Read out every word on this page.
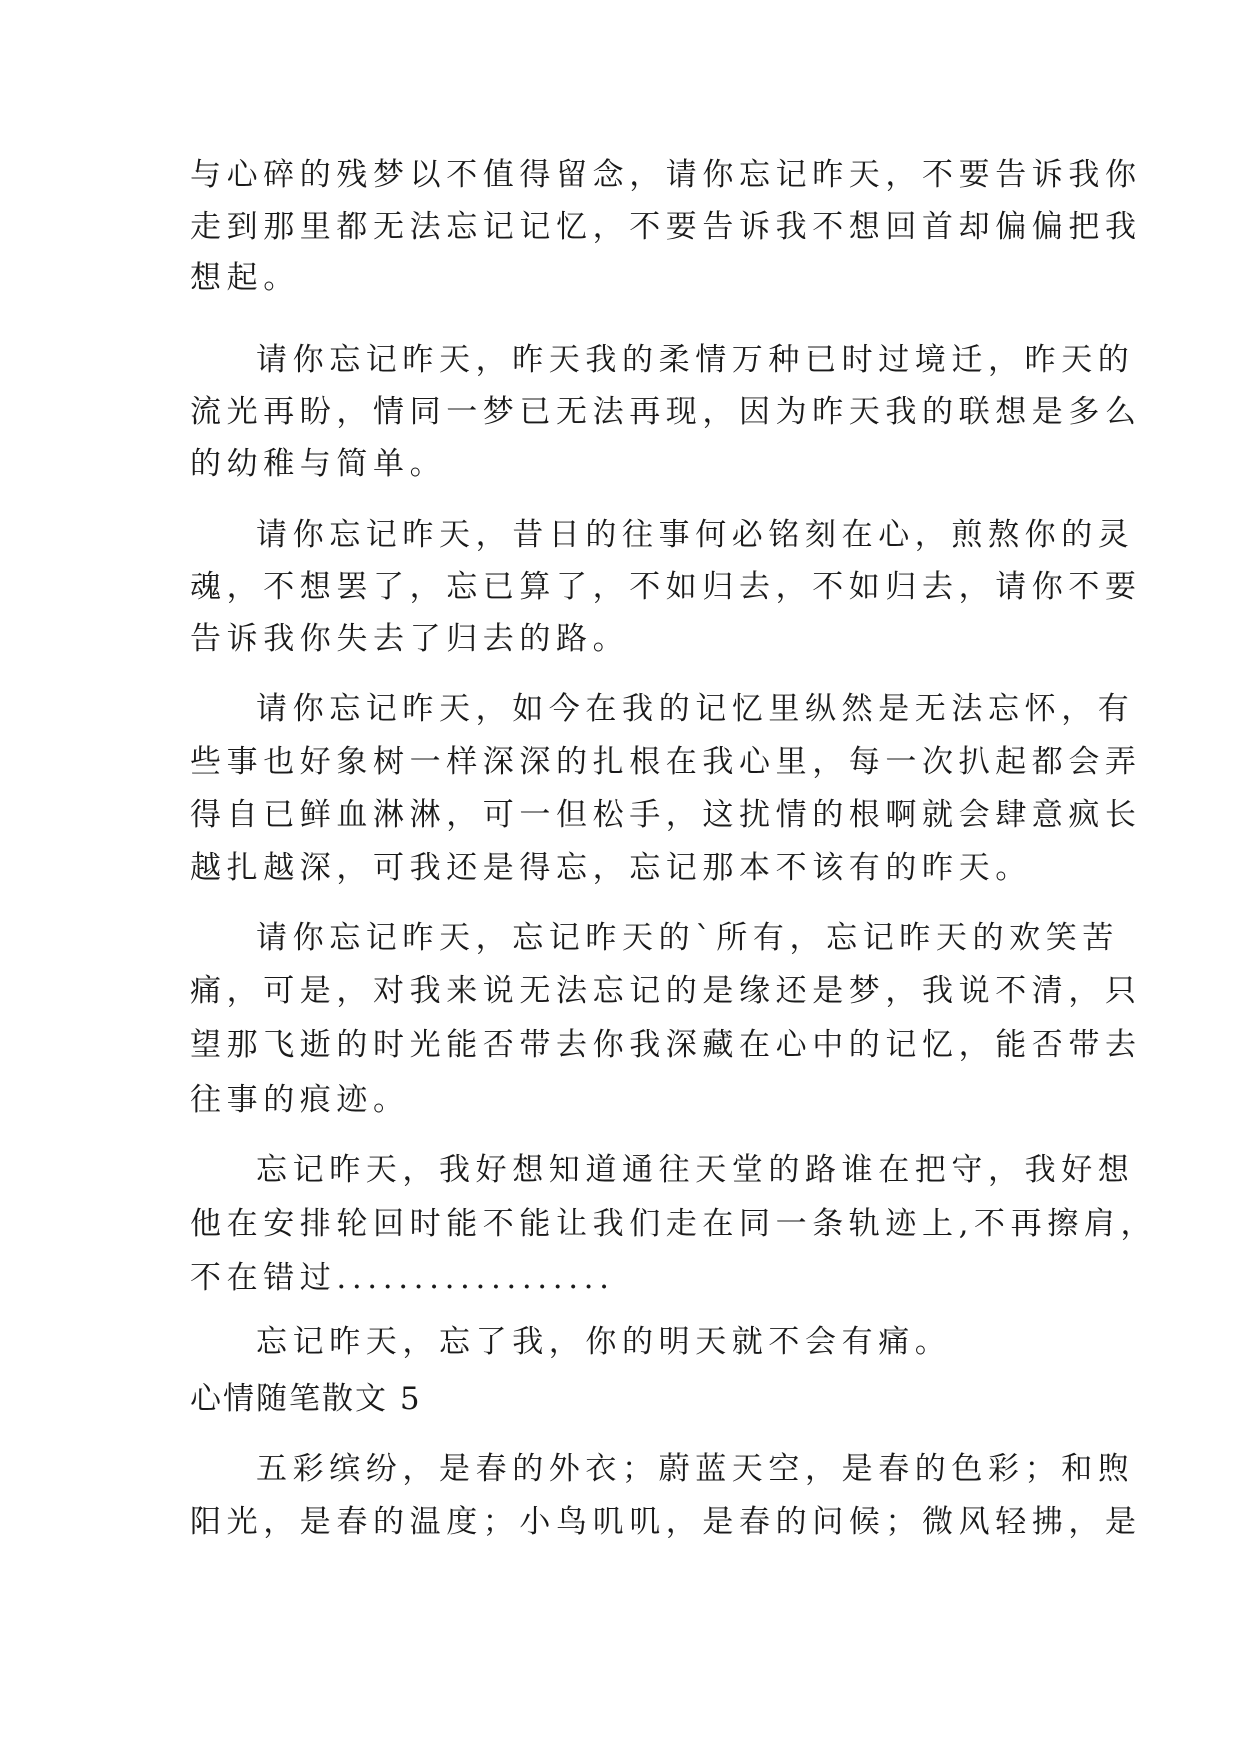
与心碎的残梦以不值得留念，请你忘记昨天，不要告诉我你
走到那里都无法忘记记忆，不要告诉我不想回首却偏偏把我
想起。
请你忘记昨天，昨天我的柔情万种已时过境迁，昨天的
流光再盼，情同一梦已无法再现，因为昨天我的联想是多么
的幼稚与简单。
请你忘记昨天，昔日的往事何必铭刻在心，煎熬你的灵
魂，不想罢了，忘已算了，不如归去，不如归去，请你不要
告诉我你失去了归去的路。
请你忘记昨天，如今在我的记忆里纵然是无法忘怀，有
些事也好象树一样深深的扎根在我心里，每一次扒起都会弄
得自已鲜血淋淋，可一但松手，这扰情的根啊就会肆意疯长
越扎越深，可我还是得忘，忘记那本不该有的昨天。
请你忘记昨天，忘记昨天的`所有，忘记昨天的欢笑苦
痛，可是，对我来说无法忘记的是缘还是梦，我说不清，只
望那飞逝的时光能否带去你我深藏在心中的记忆，能否带去
往事的痕迹。
忘记昨天，我好想知道通往天堂的路谁在把守，我好想
他在安排轮回时能不能让我们走在同一条轨迹上,不再擦肩，
不在错过..................
忘记昨天，忘了我，你的明天就不会有痛。
心情随笔散文 5
五彩缤纷，是春的外衣；蔚蓝天空，是春的色彩；和煦
阳光，是春的温度；小鸟叽叽，是春的问候；微风轻拂，是
